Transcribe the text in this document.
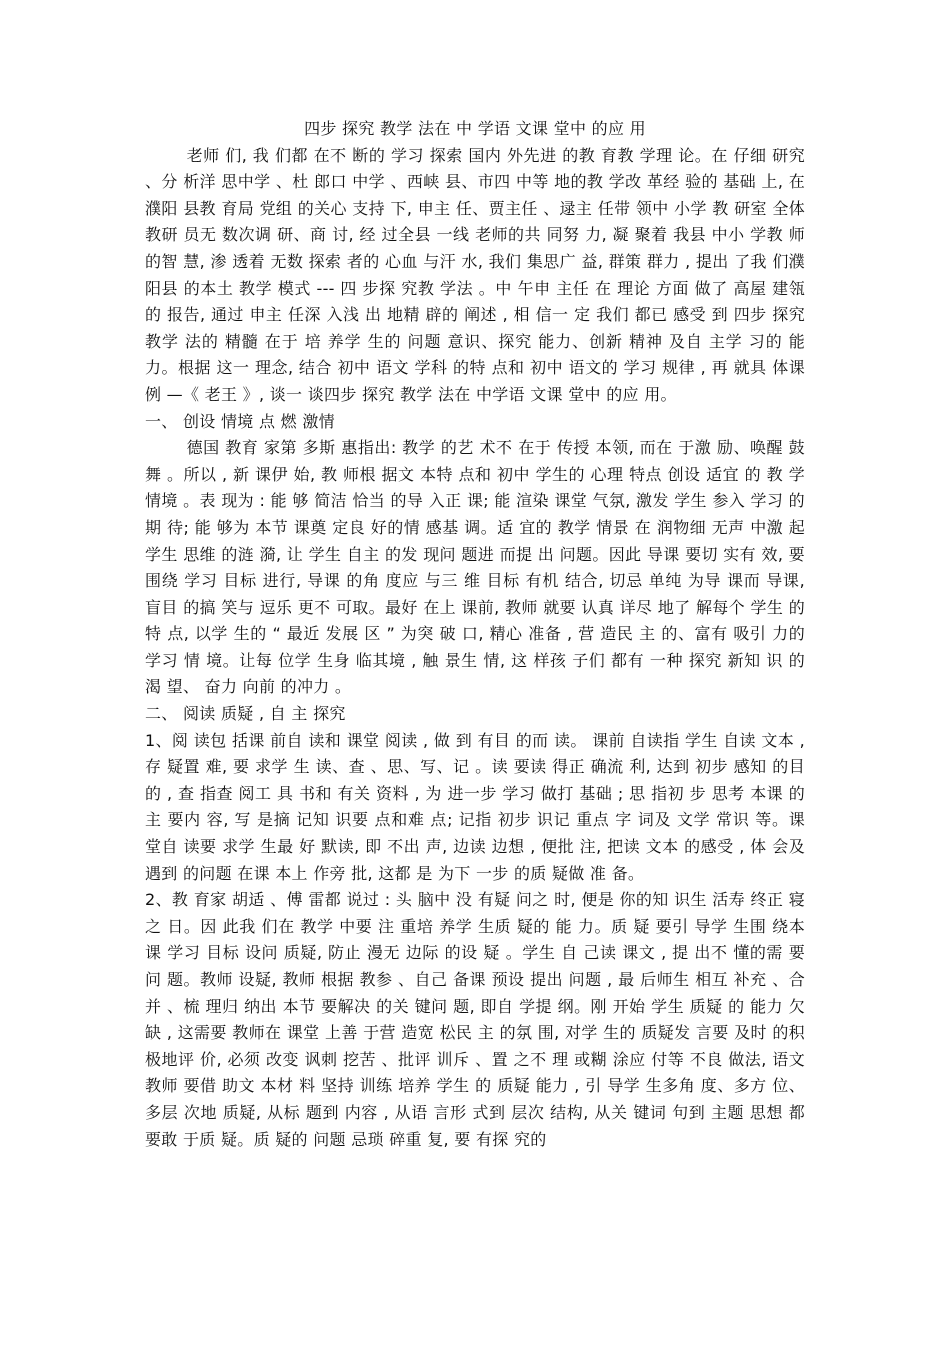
四步 探究 教学 法在 中 学语 文课 堂中 的应 用

老师 们, 我 们都 在不 断的 学习 探索 国内 外先进 的教 育教 学理 论。在 仔细 研究 、分 析洋 思中学 、杜 郎口 中学 、西峡 县、市四 中等 地的教 学改 革经 验的 基础 上, 在 濮阳 县教 育局 党组 的关心 支持 下, 申主 任、贾主任 、逯主 任带 领中 小学 教 研室 全体 教研 员无 数次调 研、商 讨, 经 过全县 一线 老师的共 同努 力, 凝 聚着 我县 中小 学教 师的智 慧, 渗 透着 无数 探索 者的 心血 与汗 水, 我们 集思广 益, 群策 群力 , 提出 了我 们濮 阳县 的本土 教学 模式 --- 四 步探 究教 学法 。中 午申 主任 在 理论 方面 做了 高屋 建瓴的 报告, 通过 申主 任深 入浅 出 地精 辟的 阐述 , 相 信一 定 我们 都已 感受 到 四步 探究 教学 法的 精髓 在于 培 养学 生的 问题 意识、探究 能力、创新 精神 及自 主学 习的 能力。根据 这一 理念, 结合 初中 语文 学科 的特 点和 初中 语文的 学习 规律 , 再 就具 体课 例 —《 老王 》, 谈一 谈四步 探究 教学 法在 中学语 文课 堂中 的应 用。

一、 创设 情境 点 燃 激情

德国 教育 家第 多斯 惠指出: 教学 的艺 术不 在于 传授 本领, 而在 于激 励、唤醒 鼓舞 。所以 , 新 课伊 始, 教 师根 据文 本特 点和 初中 学生的 心理 特点 创设 适宜 的 教 学 情境 。表 现为 : 能 够 简洁 恰当 的导 入正 课; 能 渲染 课堂 气氛, 激发 学生 参入 学习 的期 待; 能 够为 本节 课奠 定良 好的情 感基 调。适 宜的 教学 情景 在 润物细 无声 中激 起 学生 思维 的涟 漪, 让 学生 自主 的发 现问 题进 而提 出 问题。因此 导课 要切 实有 效, 要围绕 学习 目标 进行, 导课 的角 度应 与三 维 目标 有机 结合, 切忌 单纯 为导 课而 导课, 盲目 的搞 笑与 逗乐 更不 可取。最好 在上 课前, 教师 就要 认真 详尽 地了 解每个 学生 的特 点, 以学 生的 “ 最近 发展 区 ” 为突 破 口, 精心 准备 , 营 造民 主 的、富有 吸引 力的 学习 情 境。让每 位学 生身 临其境 , 触 景生 情, 这 样孩 子们 都有 一种 探究 新知 识 的渴 望、 奋力 向前 的冲力 。

二、 阅读 质疑 , 自 主 探究

1、阅 读包 括课 前自 读和 课堂 阅读 , 做 到 有目 的而 读。 课前 自读指 学生 自读 文本 , 存 疑置 难, 要 求学 生 读、查 、思、写、记 。读 要读 得正 确流 利, 达到 初步 感知 的目的 , 查 指查 阅工 具 书和 有关 资料 , 为 进一步 学习 做打 基础 ; 思 指初 步 思考 本课 的主 要内 容, 写 是摘 记知 识要 点和难 点; 记指 初步 识记 重点 字 词及 文学 常识 等。课 堂自 读要 求学 生最 好 默读, 即 不出 声, 边读 边想 , 便批 注, 把读 文本 的感受 , 体 会及 遇到 的问题 在课 本上 作旁 批, 这都 是 为下 一步 的质 疑做 准 备。

2、教 育家 胡适 、傅 雷都 说过 : 头 脑中 没 有疑 问之 时, 便是 你的知 识生 活寿 终正 寝之 日。因 此我 们在 教学 中要 注 重培 养学 生质 疑的 能 力。质 疑 要引 导学 生围 绕本 课 学习 目标 设问 质疑, 防止 漫无 边际 的设 疑 。学生 自 己读 课文 , 提 出不 懂的需 要问 题。教师 设疑, 教师 根据 教参 、自己 备课 预设 提出 问题 , 最 后师生 相互 补充 、合 并 、梳 理归 纳出 本节 要解决 的关 键问 题, 即自 学提 纲。刚 开始 学生 质疑 的 能力 欠缺 , 这需要 教师在 课堂 上善 于营 造宽 松民 主 的氛 围, 对学 生的 质疑发 言要 及时 的积 极地评 价, 必须 改变 讽刺 挖苦 、批评 训斥 、置 之不 理 或糊 涂应 付等 不良 做法, 语文 教师 要借 助文 本材 料 坚持 训练 培养 学生 的 质疑 能力 , 引 导学 生多角 度、多方 位、多层 次地 质疑, 从标 题到 内容 , 从语 言形 式到 层次 结构, 从关 键词 句到 主题 思想 都 要敢 于质 疑。质 疑的 问题 忌琐 碎重 复, 要 有探 究的
